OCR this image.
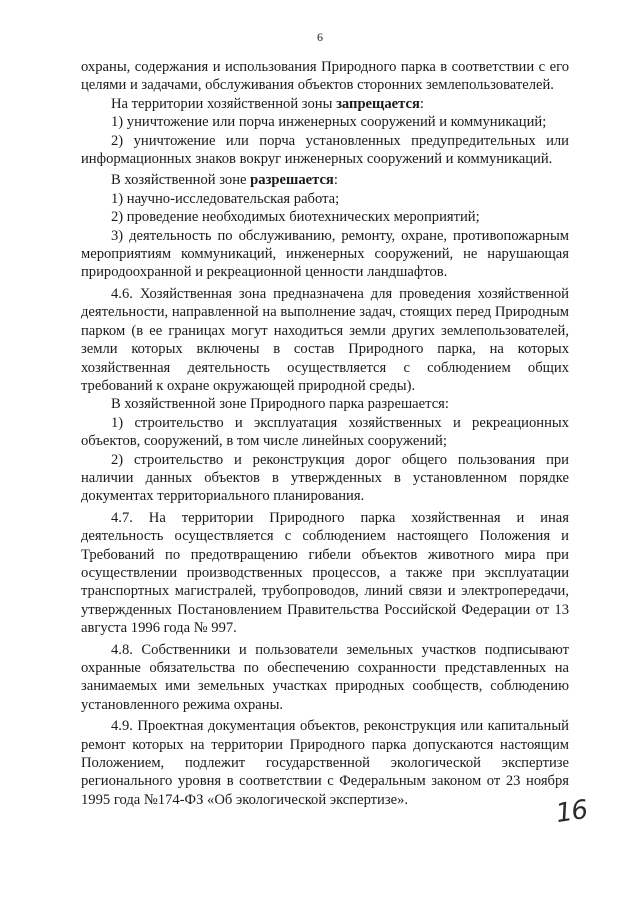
6

охраны, содержания и использования Природного парка в соответствии с его целями и задачами, обслуживания объектов сторонних землепользователей.

На территории хозяйственной зоны запрещается:

1) уничтожение или порча инженерных сооружений и коммуникаций;

2) уничтожение или порча установленных предупредительных или информационных знаков вокруг инженерных сооружений и коммуникаций.

В хозяйственной зоне разрешается:

1) научно-исследовательская работа;

2) проведение необходимых биотехнических мероприятий;

3) деятельность по обслуживанию, ремонту, охране, противопожарным мероприятиям коммуникаций, инженерных сооружений, не нарушающая природоохранной и рекреационной ценности ландшафтов.

4.6. Хозяйственная зона предназначена для проведения хозяйственной деятельности, направленной на выполнение задач, стоящих перед Природным парком (в ее границах могут находиться земли других землепользователей, земли которых включены в состав Природного парка, на которых хозяйственная деятельность осуществляется с соблюдением общих требований к охране окружающей природной среды).

В хозяйственной зоне Природного парка разрешается:

1) строительство и эксплуатация хозяйственных и рекреационных объектов, сооружений, в том числе линейных сооружений;

2) строительство и реконструкция дорог общего пользования при наличии данных объектов в утвержденных в установленном порядке документах территориального планирования.

4.7. На территории Природного парка хозяйственная и иная деятельность осуществляется с соблюдением настоящего Положения и Требований по предотвращению гибели объектов животного мира при осуществлении производственных процессов, а также при эксплуатации транспортных магистралей, трубопроводов, линий связи и электропередачи, утвержденных Постановлением Правительства Российской Федерации от 13 августа 1996 года № 997.

4.8. Собственники и пользователи земельных участков подписывают охранные обязательства по обеспечению сохранности представленных на занимаемых ими земельных участках природных сообществ, соблюдению установленного режима охраны.

4.9. Проектная документация объектов, реконструкция или капитальный ремонт которых на территории Природного парка допускаются настоящим Положением, подлежит государственной экологической экспертизе регионального уровня в соответствии с Федеральным законом от 23 ноября 1995 года №174-ФЗ «Об экологической экспертизе».	16
